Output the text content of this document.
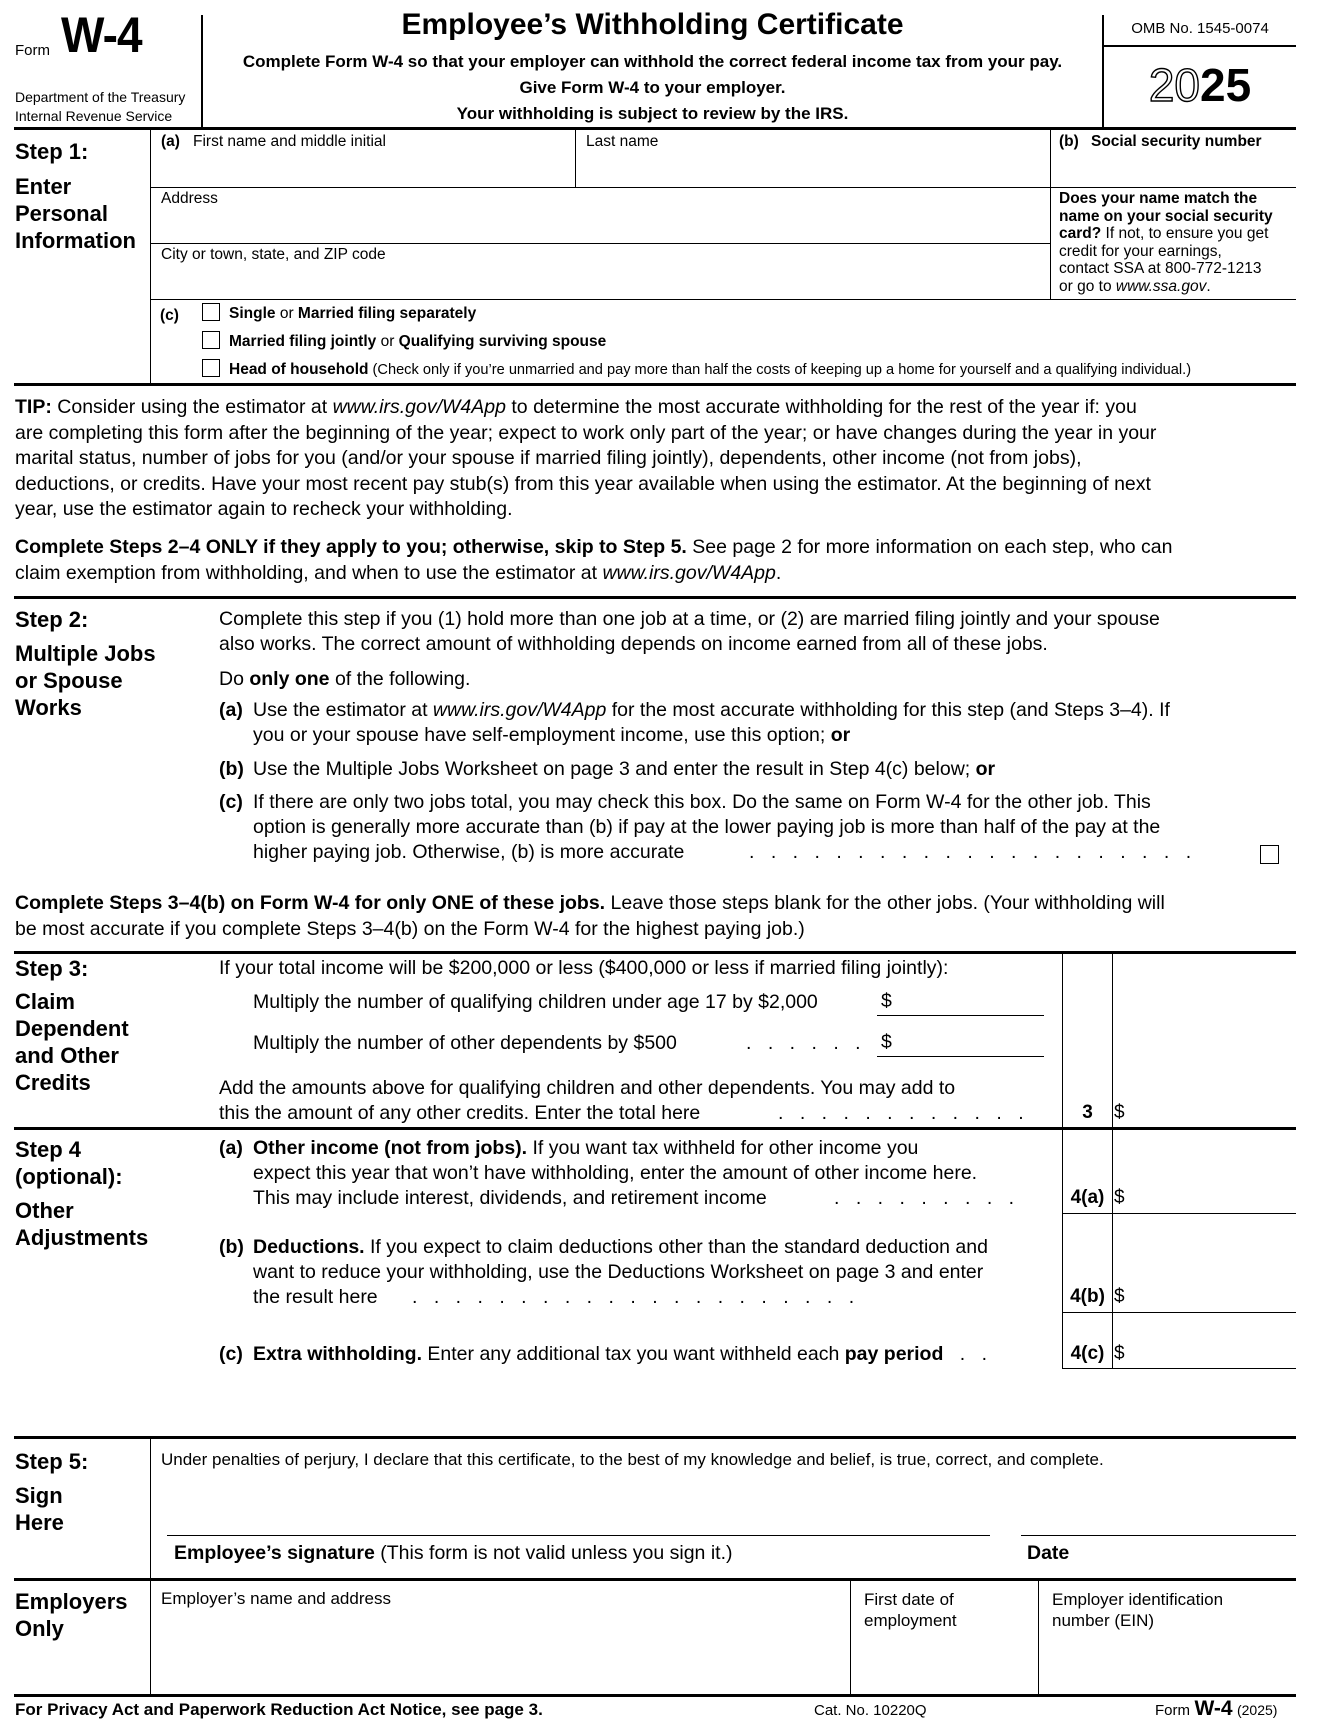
Form W-4
Department of the Treasury
Internal Revenue Service
Employee’s Withholding Certificate
Complete Form W-4 so that your employer can withhold the correct federal income tax from your pay.
Give Form W-4 to your employer.
Your withholding is subject to review by the IRS.
OMB No. 1545-0074
2025
Step 1:
Enter
Personal
Information
(a) First name and middle initial	Last name	(b) Social security number
Address
City or town, state, and ZIP code
Does your name match the
name on your social security
card? If not, to ensure you get
credit for your earnings,
contact SSA at 800-772-1213
or go to www.ssa.gov.
(c)	Single or Married filing separately
Married filing jointly or Qualifying surviving spouse
Head of household (Check only if you’re unmarried and pay more than half the costs of keeping up a home for yourself and a qualifying individual.)
TIP: Consider using the estimator at www.irs.gov/W4App to determine the most accurate withholding for the rest of the year if: you
are completing this form after the beginning of the year; expect to work only part of the year; or have changes during the year in your
marital status, number of jobs for you (and/or your spouse if married filing jointly), dependents, other income (not from jobs),
deductions, or credits. Have your most recent pay stub(s) from this year available when using the estimator. At the beginning of next
year, use the estimator again to recheck your withholding.
Complete Steps 2–4 ONLY if they apply to you; otherwise, skip to Step 5. See page 2 for more information on each step, who can
claim exemption from withholding, and when to use the estimator at www.irs.gov/W4App.
Step 2:
Multiple Jobs
or Spouse
Works
Complete this step if you (1) hold more than one job at a time, or (2) are married filing jointly and your spouse
also works. The correct amount of withholding depends on income earned from all of these jobs.
Do only one of the following.
(a) Use the estimator at www.irs.gov/W4App for the most accurate withholding for this step (and Steps 3–4). If
you or your spouse have self-employment income, use this option; or
(b) Use the Multiple Jobs Worksheet on page 3 and enter the result in Step 4(c) below; or
(c) If there are only two jobs total, you may check this box. Do the same on Form W-4 for the other job. This
option is generally more accurate than (b) if pay at the lower paying job is more than half of the pay at the
higher paying job. Otherwise, (b) is more accurate	. . . . . . . . . . . . . . . . . . . . .
Complete Steps 3–4(b) on Form W-4 for only ONE of these jobs. Leave those steps blank for the other jobs. (Your withholding will
be most accurate if you complete Steps 3–4(b) on the Form W-4 for the highest paying job.)
Step 3:
Claim
Dependent
and Other
Credits
If your total income will be $200,000 or less ($400,000 or less if married filing jointly):
Multiply the number of qualifying children under age 17 by $2,000	$
Multiply the number of other dependents by $500	. . . . . . $
Add the amounts above for qualifying children and other dependents. You may add to
this the amount of any other credits. Enter the total here	. . . . . . . . . . . .	3	$
Step 4
(optional):
Other
Adjustments
(a) Other income (not from jobs). If you want tax withheld for other income you
expect this year that won’t have withholding, enter the amount of other income here.
This may include interest, dividends, and retirement income	. . . . . . . . .	4(a) $
(b) Deductions. If you expect to claim deductions other than the standard deduction and
want to reduce your withholding, use the Deductions Worksheet on page 3 and enter
the result here . . . . . . . . . . . . . . . . . . . . .	4(b) $
(c) Extra withholding. Enter any additional tax you want withheld each pay period . .	4(c) $
Step 5:
Sign
Here
Under penalties of perjury, I declare that this certificate, to the best of my knowledge and belief, is true, correct, and complete.
Employee’s signature (This form is not valid unless you sign it.)	Date
Employers
Only
Employer’s name and address	First date of
employment
Employer identification
number (EIN)
For Privacy Act and Paperwork Reduction Act Notice, see page 3.	Cat. No. 10220Q	Form W-4 (2025)
